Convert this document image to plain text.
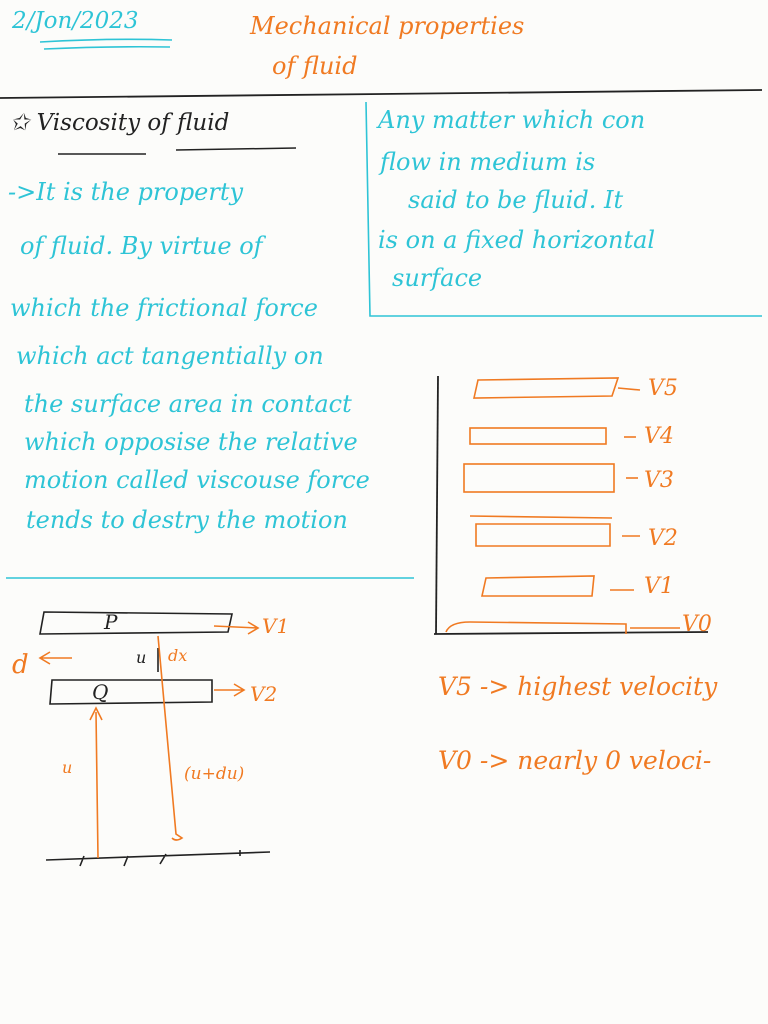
2/Jon/2023	Mechanical properties
of fluid
✩ Viscosity of fluid
->It is the property
of fluid. By virtue of
which the frictional force
which act tangentially on
the surface area in contact
which opposise the relative
motion called viscouse force
tends to destry the motion
Any matter which con
flow in medium is
said to be fluid. It
is on a fixed horizontal
surface
V5
V4
V3
V2
V1
V0
P
Q
V1
V2
d	u dx
u	(u+du)
V5 -> highest velocity
V0 -> nearly 0 veloci-
